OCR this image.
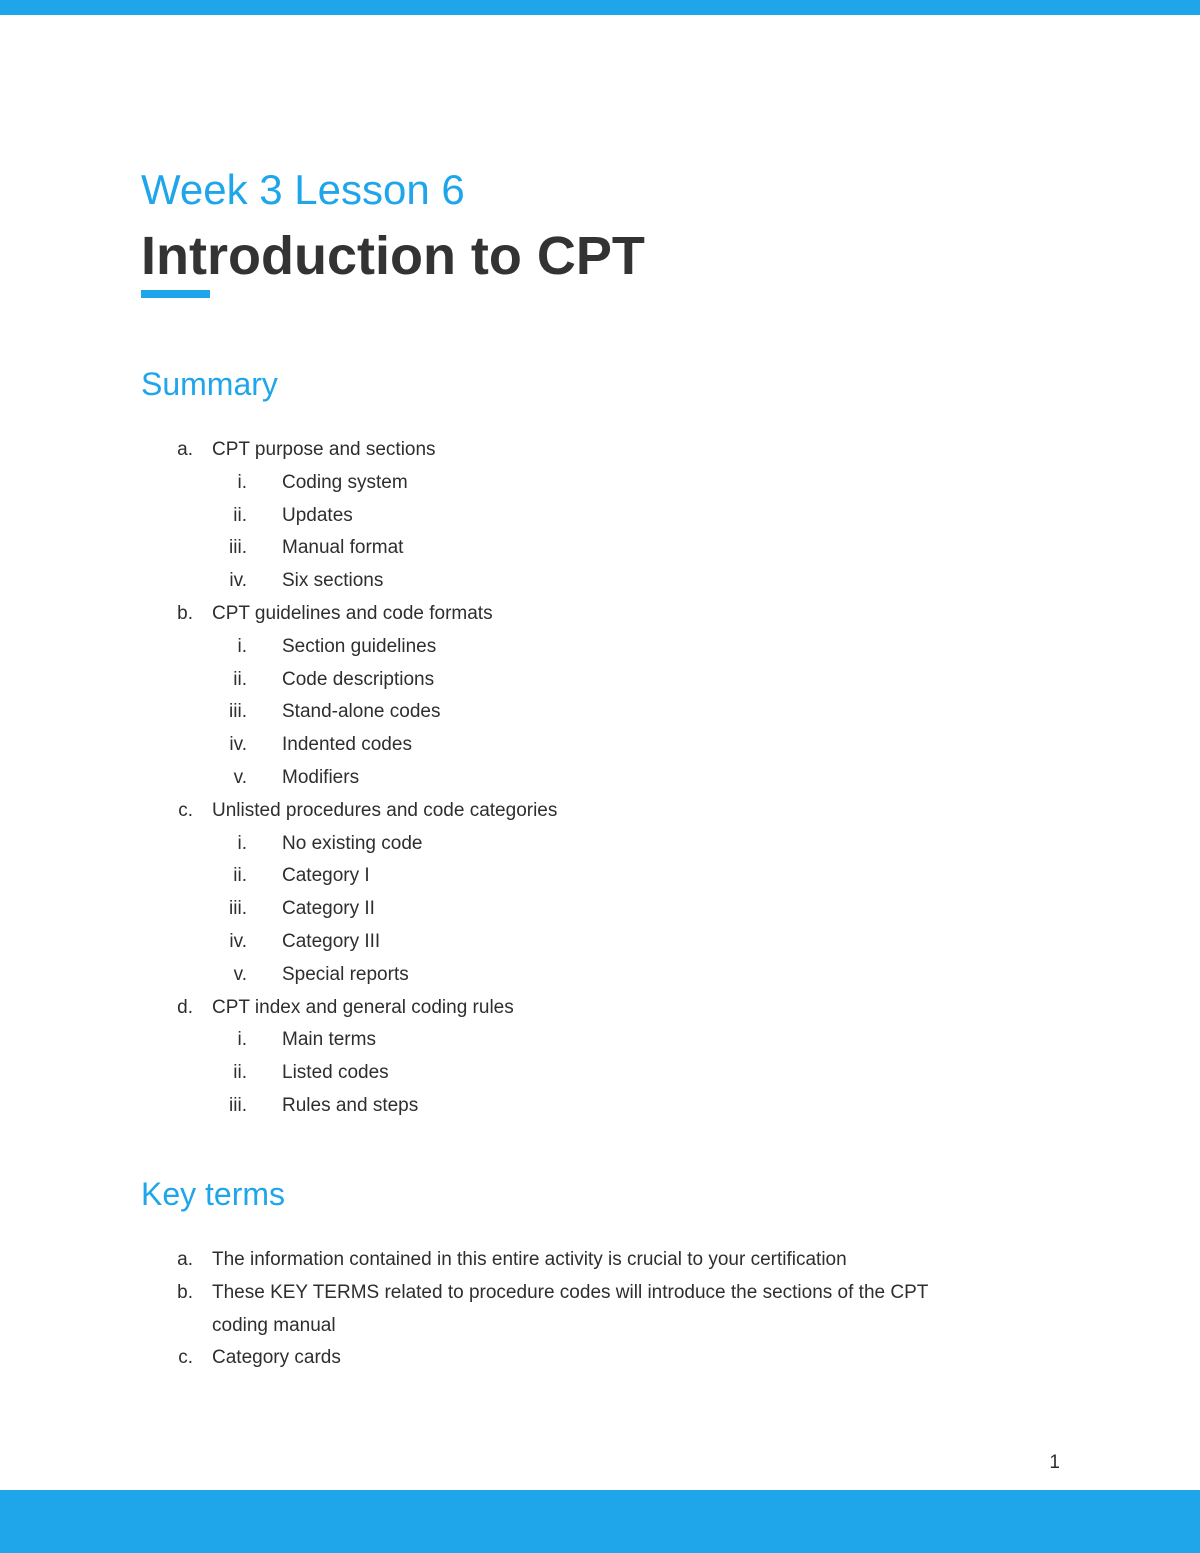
Week 3 Lesson 6
Introduction to CPT
Summary
a. CPT purpose and sections
i. Coding system
ii. Updates
iii. Manual format
iv. Six sections
b. CPT guidelines and code formats
i. Section guidelines
ii. Code descriptions
iii. Stand-alone codes
iv. Indented codes
v. Modifiers
c. Unlisted procedures and code categories
i. No existing code
ii. Category I
iii. Category II
iv. Category III
v. Special reports
d. CPT index and general coding rules
i. Main terms
ii. Listed codes
iii. Rules and steps
Key terms
a. The information contained in this entire activity is crucial to your certification
b. These KEY TERMS related to procedure codes will introduce the sections of the CPT
coding manual
c. Category cards
1
